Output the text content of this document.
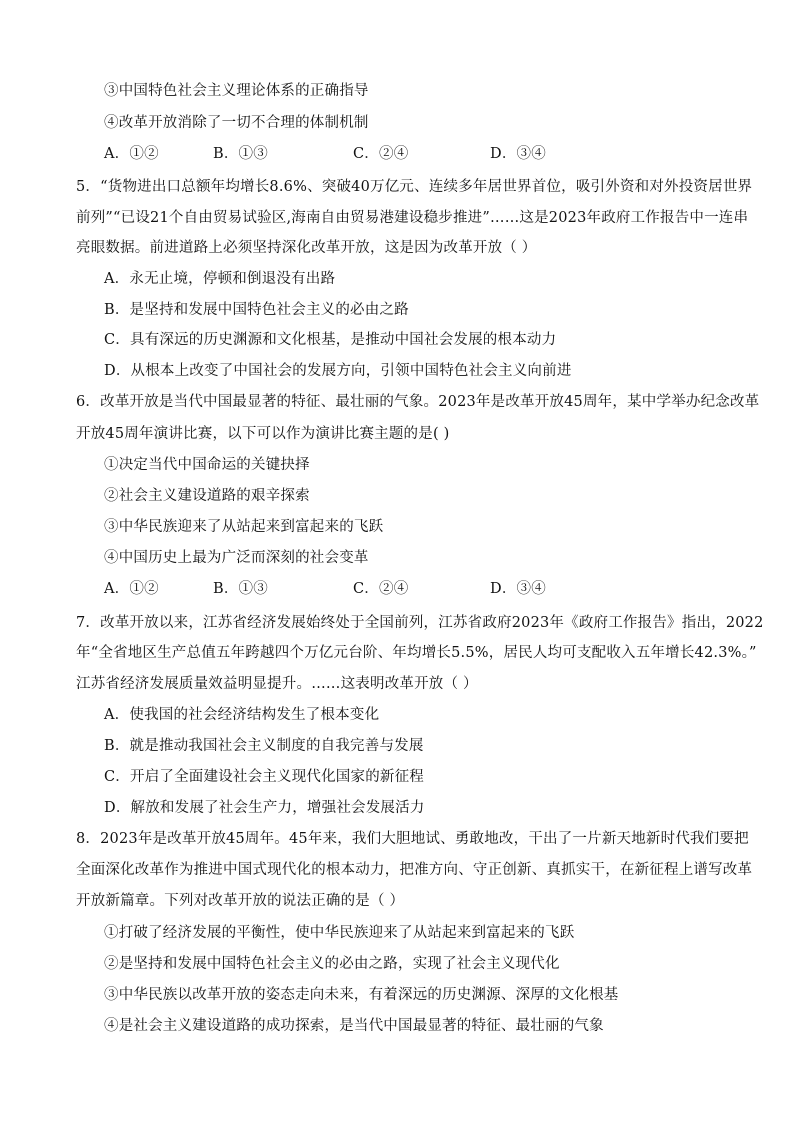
③中国特色社会主义理论体系的正确指导
④改革开放消除了一切不合理的体制机制
A．①②	B．①③	C．②④	D．③④
5．“货物进出口总额年均增长8.6%、突破40万亿元、连续多年居世界首位，吸引外资和对外投资居世界
前列”“已设21个自由贸易试验区,海南自由贸易港建设稳步推进”……这是2023年政府工作报告中一连串
亮眼数据。前进道路上必须坚持深化改革开放，这是因为改革开放（ ）
A．永无止境，停顿和倒退没有出路
B．是坚持和发展中国特色社会主义的必由之路
C．具有深远的历史渊源和文化根基，是推动中国社会发展的根本动力
D．从根本上改变了中国社会的发展方向，引领中国特色社会主义向前进
6．改革开放是当代中国最显著的特征、最壮丽的气象。2023年是改革开放45周年，某中学举办纪念改革
开放45周年演讲比赛，以下可以作为演讲比赛主题的是( )
①决定当代中国命运的关键抉择
②社会主义建设道路的艰辛探索
③中华民族迎来了从站起来到富起来的飞跃
④中国历史上最为广泛而深刻的社会变革
A．①②	B．①③	C．②④	D．③④
7．改革开放以来，江苏省经济发展始终处于全国前列，江苏省政府2023年《政府工作报告》指出，2022
年“全省地区生产总值五年跨越四个万亿元台阶、年均增长5.5%，居民人均可支配收入五年增长42.3%。”
江苏省经济发展质量效益明显提升。……这表明改革开放（ ）
A．使我国的社会经济结构发生了根本变化
B．就是推动我国社会主义制度的自我完善与发展
C．开启了全面建设社会主义现代化国家的新征程
D．解放和发展了社会生产力，增强社会发展活力
8．2023年是改革开放45周年。45年来，我们大胆地试、勇敢地改，干出了一片新天地新时代我们要把
全面深化改革作为推进中国式现代化的根本动力，把准方向、守正创新、真抓实干，在新征程上谱写改革
开放新篇章。下列对改革开放的说法正确的是（ ）
①打破了经济发展的平衡性，使中华民族迎来了从站起来到富起来的飞跃
②是坚持和发展中国特色社会主义的必由之路，实现了社会主义现代化
③中华民族以改革开放的姿态走向未来，有着深远的历史渊源、深厚的文化根基
④是社会主义建设道路的成功探索，是当代中国最显著的特征、最壮丽的气象
